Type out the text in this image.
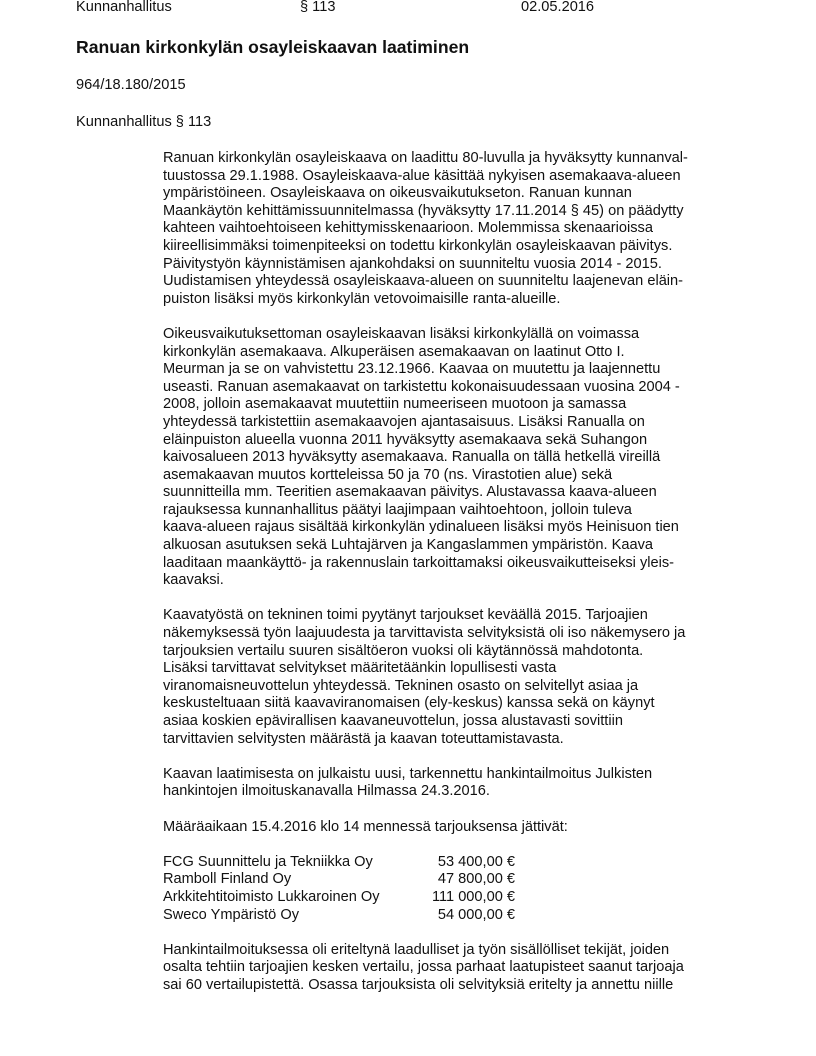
Kunnanhallitus	§ 113	02.05.2016
Ranuan kirkonkylän osayleiskaavan laatiminen
964/18.180/2015
Kunnanhallitus § 113

Ranuan kirkonkylän osayleiskaava on laadittu 80-luvulla ja hyväksytty kunnanval-
tuustossa 29.1.1988. Osayleiskaava-alue käsittää nykyisen asemakaava-alueen
ympäristöineen. Osayleiskaava on oikeusvaikutukseton. Ranuan kunnan
Maankäytön kehittämissuunnitelmassa (hyväksytty 17.11.2014 § 45) on päädytty
kahteen vaihtoehtoiseen kehittymisskenaarioon. Molemmissa skenaarioissa
kiireellisimmäksi toimenpiteeksi on todettu kirkonkylän osayleiskaavan päivitys.
Päivitystyön käynnistämisen ajankohdaksi on suunniteltu vuosia 2014 - 2015.
Uudistamisen yhteydessä osayleiskaava-alueen on suunniteltu laajenevan eläin-
puiston lisäksi myös kirkonkylän vetovoimaisille ranta-alueille.

Oikeusvaikutuksettoman osayleiskaavan lisäksi kirkonkylällä on voimassa
kirkonkylän asemakaava. Alkuperäisen asemakaavan on laatinut Otto I.
Meurman ja se on vahvistettu 23.12.1966. Kaavaa on muutettu ja laajennettu
useasti. Ranuan asemakaavat on tarkistettu kokonaisuudessaan vuosina 2004 -
2008, jolloin asemakaavat muutettiin numeeriseen muotoon ja samassa
yhteydessä tarkistettiin asemakaavojen ajantasaisuus. Lisäksi Ranualla on
eläinpuiston alueella vuonna 2011 hyväksytty asemakaava sekä Suhangon
kaivosalueen 2013 hyväksytty asemakaava. Ranualla on tällä hetkellä vireillä
asemakaavan muutos kortteleissa 50 ja 70 (ns. Virastotien alue) sekä
suunnitteilla mm. Teeritien asemakaavan päivitys. Alustavassa kaava-alueen
rajauksessa kunnanhallitus päätyi laajimpaan vaihtoehtoon, jolloin tuleva
kaava-alueen rajaus sisältää kirkonkylän ydinalueen lisäksi myös Heinisuon tien
alkuosan asutuksen sekä Luhtajärven ja Kangaslammen ympäristön. Kaava
laaditaan maankäyttö- ja rakennuslain tarkoittamaksi oikeusvaikutteiseksi yleis-
kaavaksi.

Kaavatyöstä on tekninen toimi pyytänyt tarjoukset keväällä 2015. Tarjoajien
näkemyksessä työn laajuudesta ja tarvittavista selvityksistä oli iso näkemysero ja
tarjouksien vertailu suuren sisältöeron vuoksi oli käytännössä mahdotonta.
Lisäksi tarvittavat selvitykset määritetäänkin lopullisesti vasta
viranomaisneuvottelun yhteydessä. Tekninen osasto on selvitellyt asiaa ja
keskusteltuaan siitä kaavaviranomaisen (ely-keskus) kanssa sekä on käynyt
asiaa koskien epävirallisen kaavaneuvottelun, jossa alustavasti sovittiin
tarvittavien selvitysten määrästä ja kaavan toteuttamistavasta.

Kaavan laatimisesta on julkaistu uusi, tarkennettu hankintailmoitus Julkisten
hankintojen ilmoituskanavalla Hilmassa 24.3.2016.

Määräaikaan 15.4.2016 klo 14 mennessä tarjouksensa jättivät:

FCG Suunnittelu ja Tekniikka Oy	53 400,00 €
Ramboll Finland Oy	47 800,00 €
Arkkitehtitoimisto Lukkaroinen Oy	111 000,00 €
Sweco Ympäristö Oy	54 000,00 €

Hankintailmoituksessa oli eriteltynä laadulliset ja työn sisällölliset tekijät, joiden
osalta tehtiin tarjoajien kesken vertailu, jossa parhaat laatupisteet saanut tarjoaja
sai 60 vertailupistettä. Osassa tarjouksista oli selvityksiä eritelty ja annettu niille
